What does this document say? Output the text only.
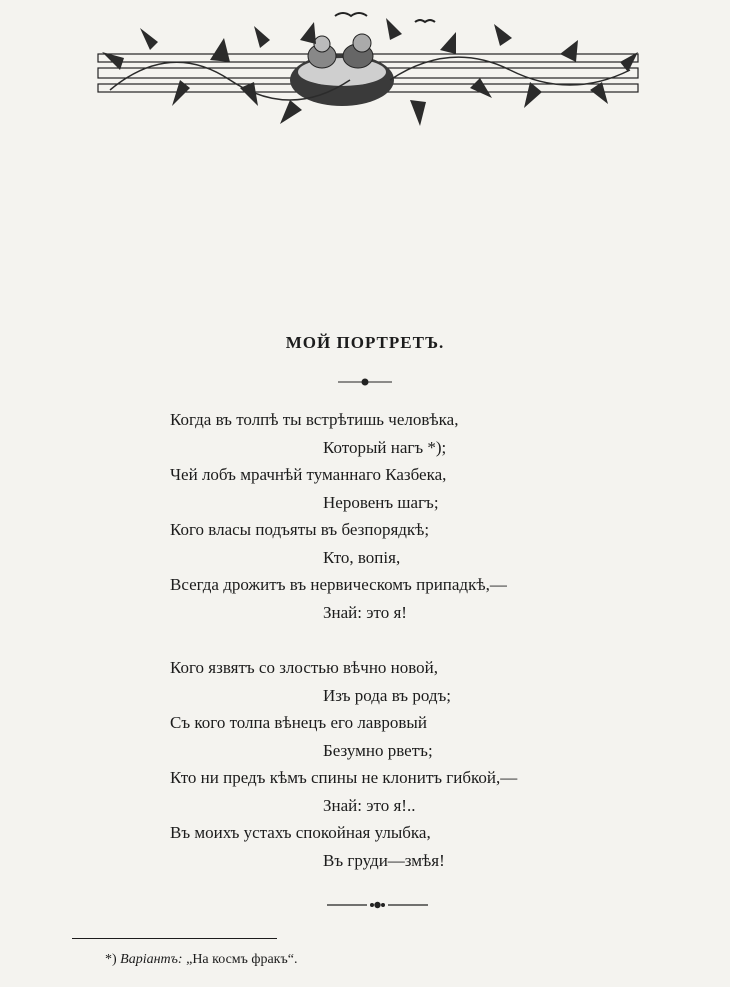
МОЙ ПОРТРЕТЪ.
Когда въ толпѣ ты встрѣтишь человѣка,
Который нагъ *);
Чей лобъ мрачнѣй туманнаго Казбека,
Неровенъ шагъ;
Кого власы подъяты въ безпорядкѣ;
Кто, вопія,
Всегда дрожитъ въ нервическомъ припадкѣ,—
Знай: это я!
Кого язвятъ со злостью вѣчно новой,
Изъ рода въ родъ;
Съ кого толпа вѣнецъ его лавровый
Безумно рветъ;
Кто ни предъ кѣмъ спины не клонитъ гибкой,—
Знай: это я!..
Въ моихъ устахъ спокойная улыбка,
Въ груди—змѣя!
*) Варіантъ: „На космъ фракъ“.
